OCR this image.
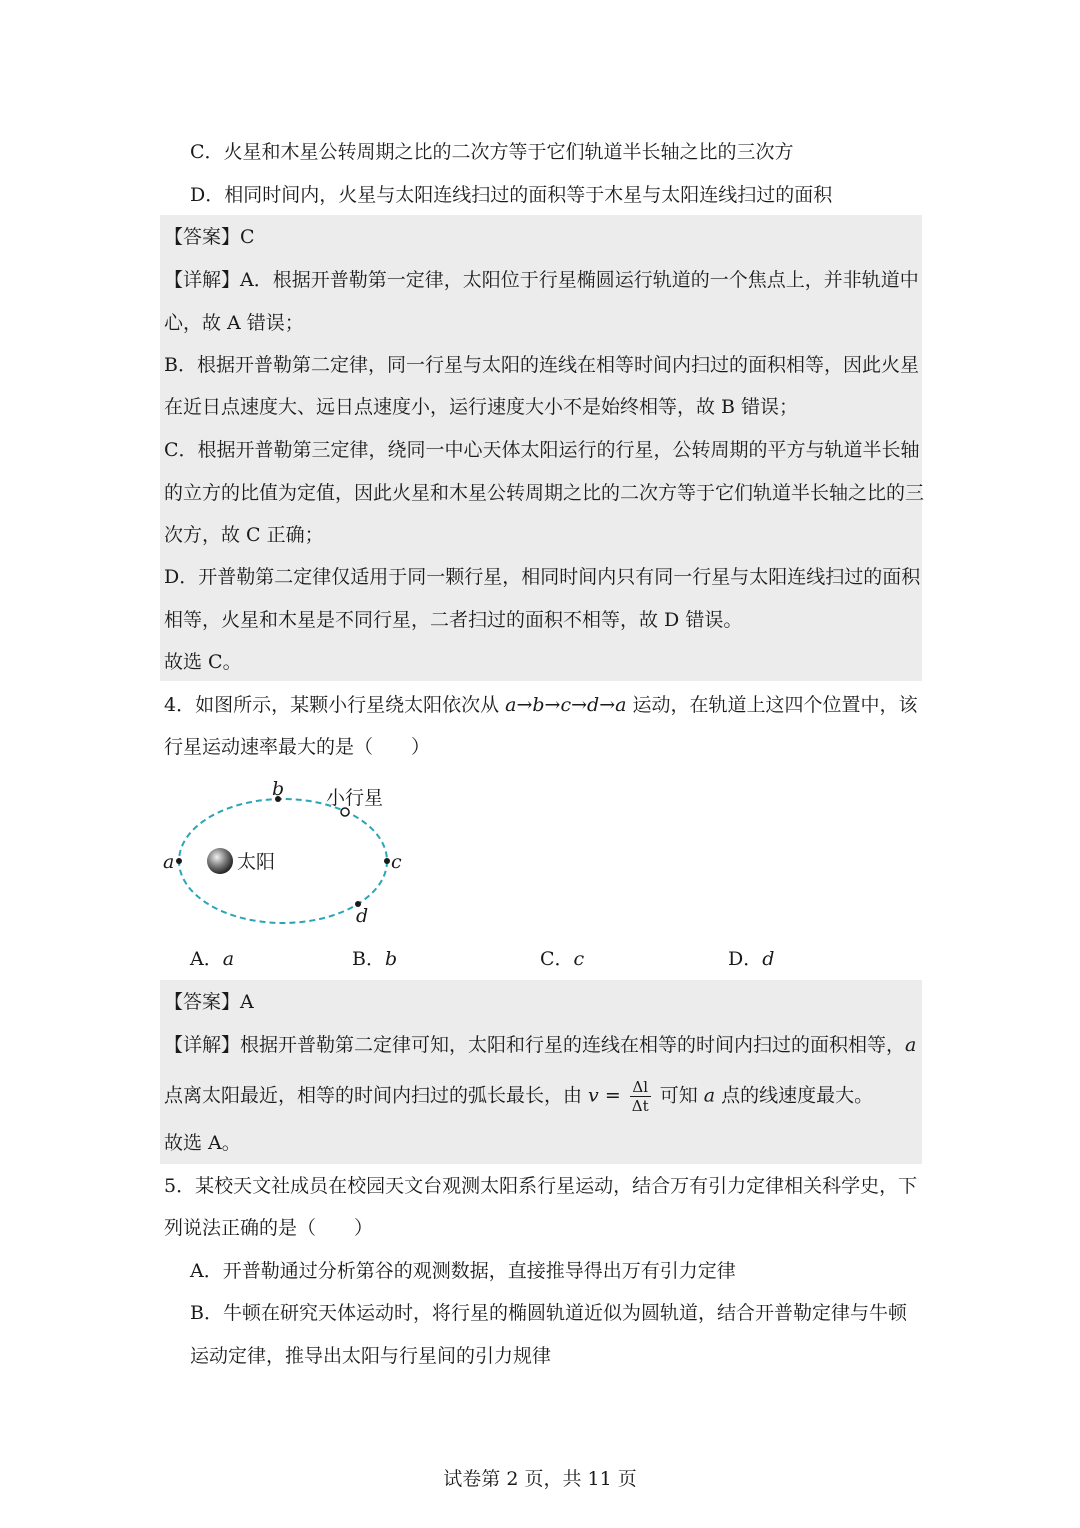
C．火星和木星公转周期之比的二次方等于它们轨道半长轴之比的三次方
D．相同时间内，火星与太阳连线扫过的面积等于木星与太阳连线扫过的面积
【答案】C
【详解】A．根据开普勒第一定律，太阳位于行星椭圆运行轨道的一个焦点上，并非轨道中
心，故 A 错误；
B．根据开普勒第二定律，同一行星与太阳的连线在相等时间内扫过的面积相等，因此火星
在近日点速度大、远日点速度小，运行速度大小不是始终相等，故 B 错误；
C．根据开普勒第三定律，绕同一中心天体太阳运行的行星，公转周期的平方与轨道半长轴
的立方的比值为定值，因此火星和木星公转周期之比的二次方等于它们轨道半长轴之比的三
次方，故 C 正确；
D．开普勒第二定律仅适用于同一颗行星，相同时间内只有同一行星与太阳连线扫过的面积
相等，火星和木星是不同行星，二者扫过的面积不相等，故 D 错误。
故选 C。
4．如图所示，某颗小行星绕太阳依次从 a→b→c→d→a 运动，在轨道上这四个位置中，该
行星运动速率最大的是（　　）
太阳
a
b 小行星
c
d
A．a	B．b	C．c	D．d
【答案】A
【详解】根据开普勒第二定律可知，太阳和行星的连线在相等的时间内扫过的面积相等，a
点离太阳最近，相等的时间内扫过的弧长最长，由 $v = \frac{\Delta l}{\Delta t}$ 可知 a 点的线速度最大。
故选 A。
5．某校天文社成员在校园天文台观测太阳系行星运动，结合万有引力定律相关科学史，下
列说法正确的是（　　）
A．开普勒通过分析第谷的观测数据，直接推导得出万有引力定律
B．牛顿在研究天体运动时，将行星的椭圆轨道近似为圆轨道，结合开普勒定律与牛顿
运动定律，推导出太阳与行星间的引力规律
试卷第 2 页，共 11 页
